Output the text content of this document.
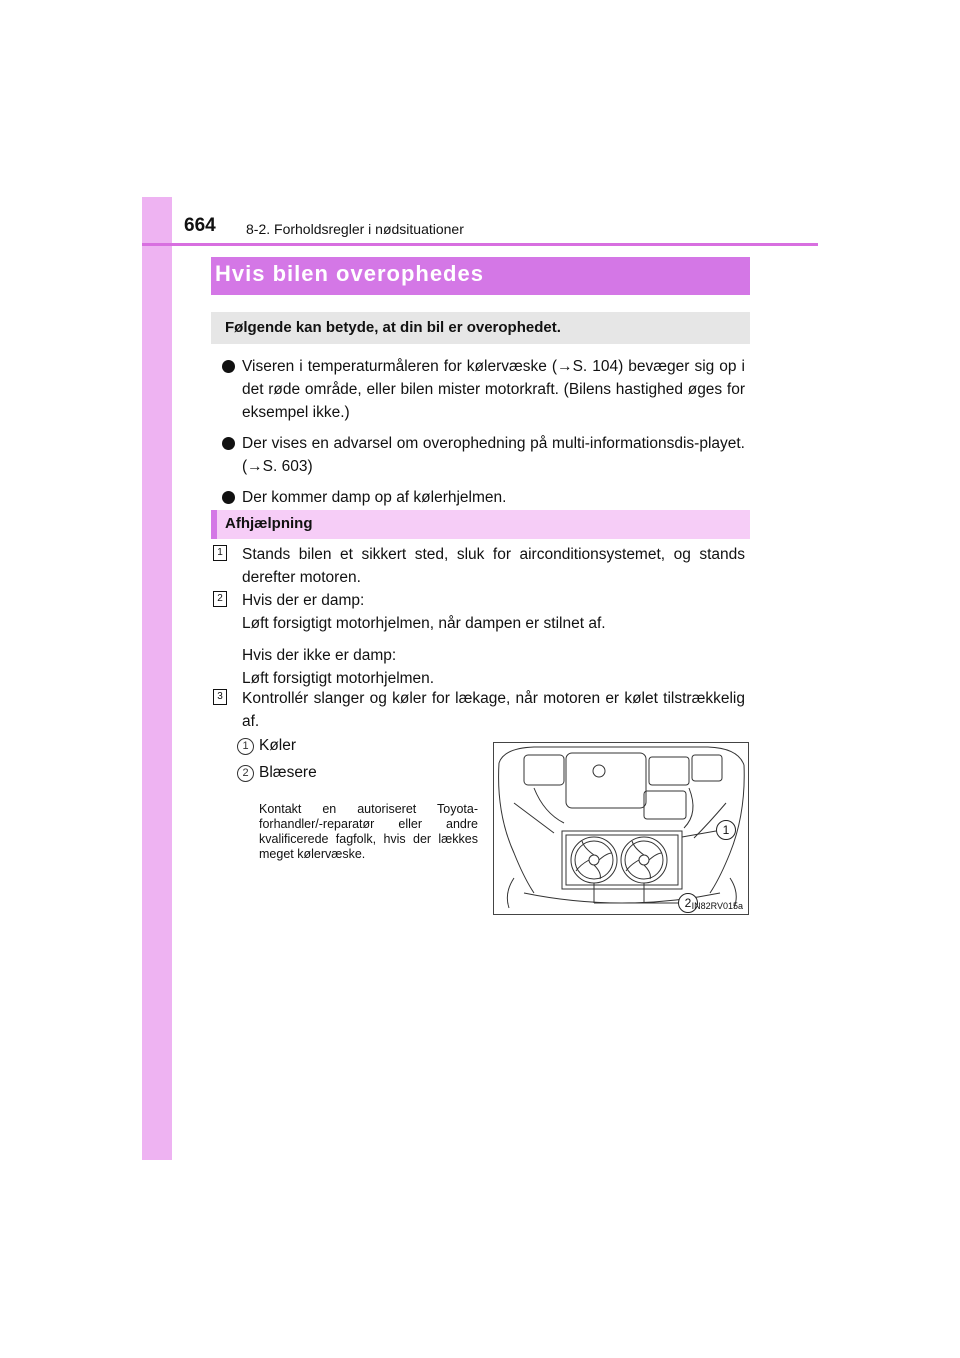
664 8-2. Forholdsregler i nødsituationer
Hvis bilen overophedes
Følgende kan betyde, at din bil er overophedet.
Viseren i temperaturmåleren for kølervæske (→S. 104) bevæger sig op i det røde område, eller bilen mister motorkraft. (Bilens hastighed øges for eksempel ikke.)
Der vises en advarsel om overophedning på multi-informationsdis-playet. (→S. 603)
Der kommer damp op af kølerhjelmen.
Afhjælpning
1 Stands bilen et sikkert sted, sluk for airconditionsystemet, og stands derefter motoren.

2 Hvis der er damp:

Løft forsigtigt motorhjelmen, når dampen er stilnet af.

Hvis der ikke er damp:

Løft forsigtigt motorhjelmen.

3 Kontrollér slanger og køler for lækage, når motoren er kølet tilstrækkelig af.

1 Køler
2 Blæsere
Kontakt en autoriseret Toyota-forhandler/-reparatør eller andre kvalificerede fagfolk, hvis der lækkes meget kølervæske.
1
2 IN82RV015a
